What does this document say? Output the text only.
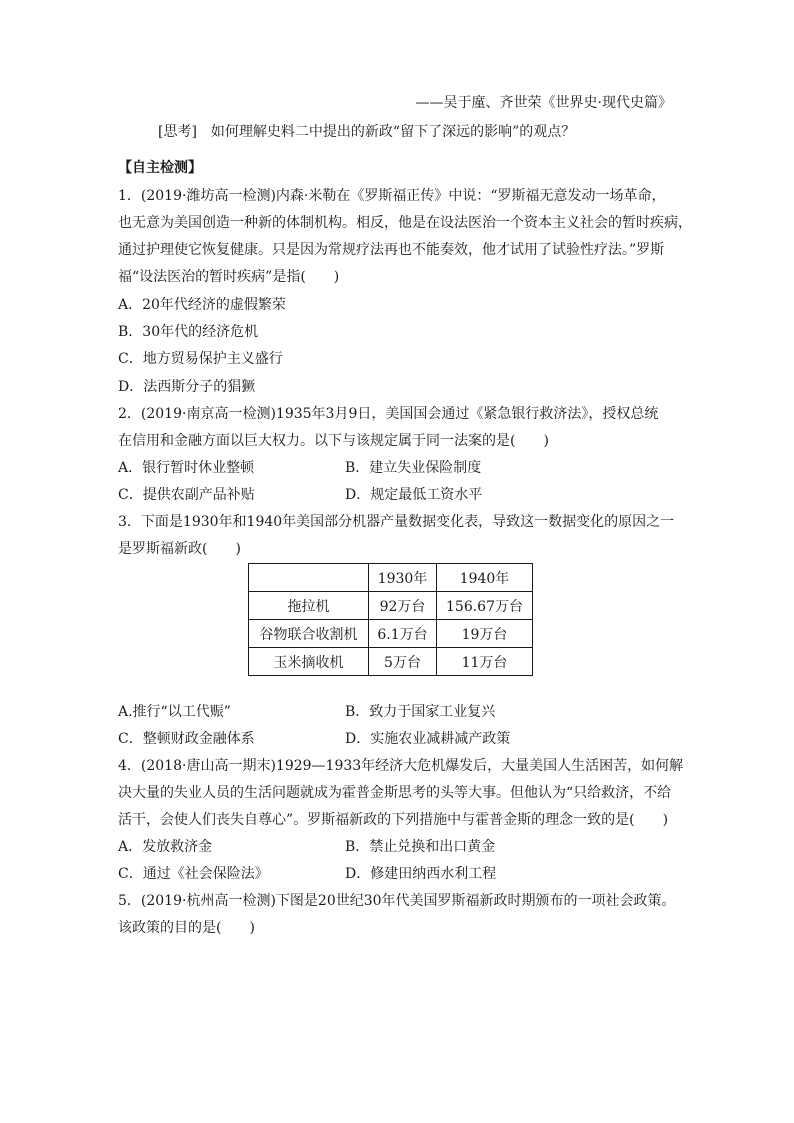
——吴于廑、齐世荣《世界史·现代史篇》
[思考]　如何理解史料二中提出的新政“留下了深远的影响”的观点？
【自主检测】
1．(2019·潍坊高一检测)内森·米勒在《罗斯福正传》中说：“罗斯福无意发动一场革命，
也无意为美国创造一种新的体制机构。相反，他是在设法医治一个资本主义社会的暂时疾病，
通过护理使它恢复健康。只是因为常规疗法再也不能奏效，他才试用了试验性疗法。”罗斯
福“设法医治的暂时疾病”是指(　　)
A．20年代经济的虚假繁荣
B．30年代的经济危机
C．地方贸易保护主义盛行
D．法西斯分子的猖獗
2．(2019·南京高一检测)1935年3月9日，美国国会通过《紧急银行救济法》，授权总统
在信用和金融方面以巨大权力。以下与该规定属于同一法案的是(　　)
A．银行暂时休业整顿	B．建立失业保险制度
C．提供农副产品补贴	D．规定最低工资水平
3．下面是1930年和1940年美国部分机器产量数据变化表，导致这一数据变化的原因之一
是罗斯福新政(　　)
	1930年	1940年
拖拉机	92万台	156.67万台
谷物联合收割机	6.1万台	19万台
玉米摘收机	5万台	11万台
A.推行“以工代赈”	B．致力于国家工业复兴
C．整顿财政金融体系	D．实施农业减耕减产政策
4．(2018·唐山高一期末)1929—1933年经济大危机爆发后，大量美国人生活困苦，如何解
决大量的失业人员的生活问题就成为霍普金斯思考的头等大事。但他认为“只给救济，不给
活干，会使人们丧失自尊心”。罗斯福新政的下列措施中与霍普金斯的理念一致的是(　　)
A．发放救济金	B．禁止兑换和出口黄金
C．通过《社会保险法》	D．修建田纳西水利工程
5．(2019·杭州高一检测)下图是20世纪30年代美国罗斯福新政时期颁布的一项社会政策。
该政策的目的是(　　)
